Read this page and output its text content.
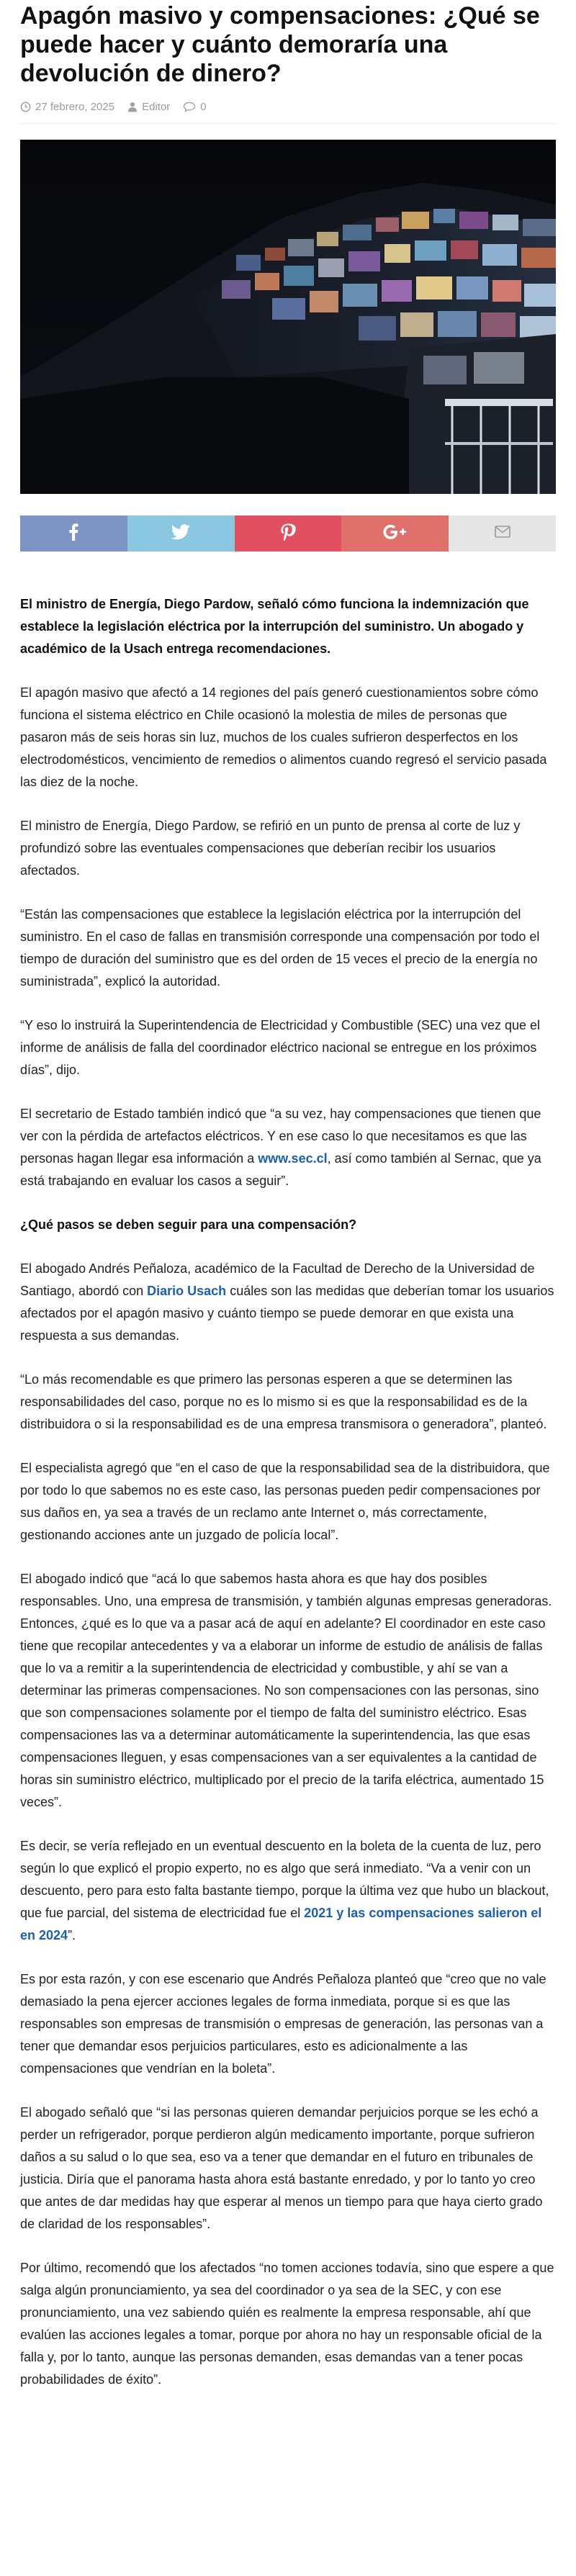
Apagón masivo y compensaciones: ¿Qué se puede hacer y cuánto demoraría una devolución de dinero?
27 febrero, 2025	Editor	0

El ministro de Energía, Diego Pardow, señaló cómo funciona la indemnización que establece la legislación eléctrica por la interrupción del suministro. Un abogado y académico de la Usach entrega recomendaciones.

El apagón masivo que afectó a 14 regiones del país generó cuestionamientos sobre cómo funciona el sistema eléctrico en Chile ocasionó la molestia de miles de personas que pasaron más de seis horas sin luz, muchos de los cuales sufrieron desperfectos en los electrodomésticos, vencimiento de remedios o alimentos cuando regresó el servicio pasada las diez de la noche.

El ministro de Energía, Diego Pardow, se refirió en un punto de prensa al corte de luz y profundizó sobre las eventuales compensaciones que deberían recibir los usuarios afectados.

“Están las compensaciones que establece la legislación eléctrica por la interrupción del suministro. En el caso de fallas en transmisión corresponde una compensación por todo el tiempo de duración del suministro que es del orden de 15 veces el precio de la energía no suministrada”, explicó la autoridad.

“Y eso lo instruirá la Superintendencia de Electricidad y Combustible (SEC) una vez que el informe de análisis de falla del coordinador eléctrico nacional se entregue en los próximos días”, dijo.

El secretario de Estado también indicó que “a su vez, hay compensaciones que tienen que ver con la pérdida de artefactos eléctricos. Y en ese caso lo que necesitamos es que las personas hagan llegar esa información a www.sec.cl, así como también al Sernac, que ya está trabajando en evaluar los casos a seguir”.

¿Qué pasos se deben seguir para una compensación?

El abogado Andrés Peñaloza, académico de la Facultad de Derecho de la Universidad de Santiago, abordó con Diario Usach cuáles son las medidas que deberían tomar los usuarios afectados por el apagón masivo y cuánto tiempo se puede demorar en que exista una respuesta a sus demandas.

“Lo más recomendable es que primero las personas esperen a que se determinen las responsabilidades del caso, porque no es lo mismo si es que la responsabilidad es de la distribuidora o si la responsabilidad es de una empresa transmisora o generadora”, planteó.

El especialista agregó que “en el caso de que la responsabilidad sea de la distribuidora, que por todo lo que sabemos no es este caso, las personas pueden pedir compensaciones por sus daños en, ya sea a través de un reclamo ante Internet o, más correctamente, gestionando acciones ante un juzgado de policía local”.

El abogado indicó que “acá lo que sabemos hasta ahora es que hay dos posibles responsables. Uno, una empresa de transmisión, y también algunas empresas generadoras. Entonces, ¿qué es lo que va a pasar acá de aquí en adelante? El coordinador en este caso tiene que recopilar antecedentes y va a elaborar un informe de estudio de análisis de fallas que lo va a remitir a la superintendencia de electricidad y combustible, y ahí se van a determinar las primeras compensaciones. No son compensaciones con las personas, sino que son compensaciones solamente por el tiempo de falta del suministro eléctrico. Esas compensaciones las va a determinar automáticamente la superintendencia, las que esas compensaciones lleguen, y esas compensaciones van a ser equivalentes a la cantidad de horas sin suministro eléctrico, multiplicado por el precio de la tarifa eléctrica, aumentado 15 veces”.

Es decir, se vería reflejado en un eventual descuento en la boleta de la cuenta de luz, pero según lo que explicó el propio experto, no es algo que será inmediato. “Va a venir con un descuento, pero para esto falta bastante tiempo, porque la última vez que hubo un blackout, que fue parcial, del sistema de electricidad fue el 2021 y las compensaciones salieron el en 2024”.

Es por esta razón, y con ese escenario que Andrés Peñaloza planteó que “creo que no vale demasiado la pena ejercer acciones legales de forma inmediata, porque si es que las responsables son empresas de transmisión o empresas de generación, las personas van a tener que demandar esos perjuicios particulares, esto es adicionalmente a las compensaciones que vendrían en la boleta”.

El abogado señaló que “si las personas quieren demandar perjuicios porque se les echó a perder un refrigerador, porque perdieron algún medicamento importante, porque sufrieron daños a su salud o lo que sea, eso va a tener que demandar en el futuro en tribunales de justicia. Diría que el panorama hasta ahora está bastante enredado, y por lo tanto yo creo que antes de dar medidas hay que esperar al menos un tiempo para que haya cierto grado de claridad de los responsables”.

Por último, recomendó que los afectados “no tomen acciones todavía, sino que espere a que salga algún pronunciamiento, ya sea del coordinador o ya sea de la SEC, y con ese pronunciamiento, una vez sabiendo quién es realmente la empresa responsable, ahí que evalúen las acciones legales a tomar, porque por ahora no hay un responsable oficial de la falla y, por lo tanto, aunque las personas demanden, esas demandas van a tener pocas probabilidades de éxito”.
